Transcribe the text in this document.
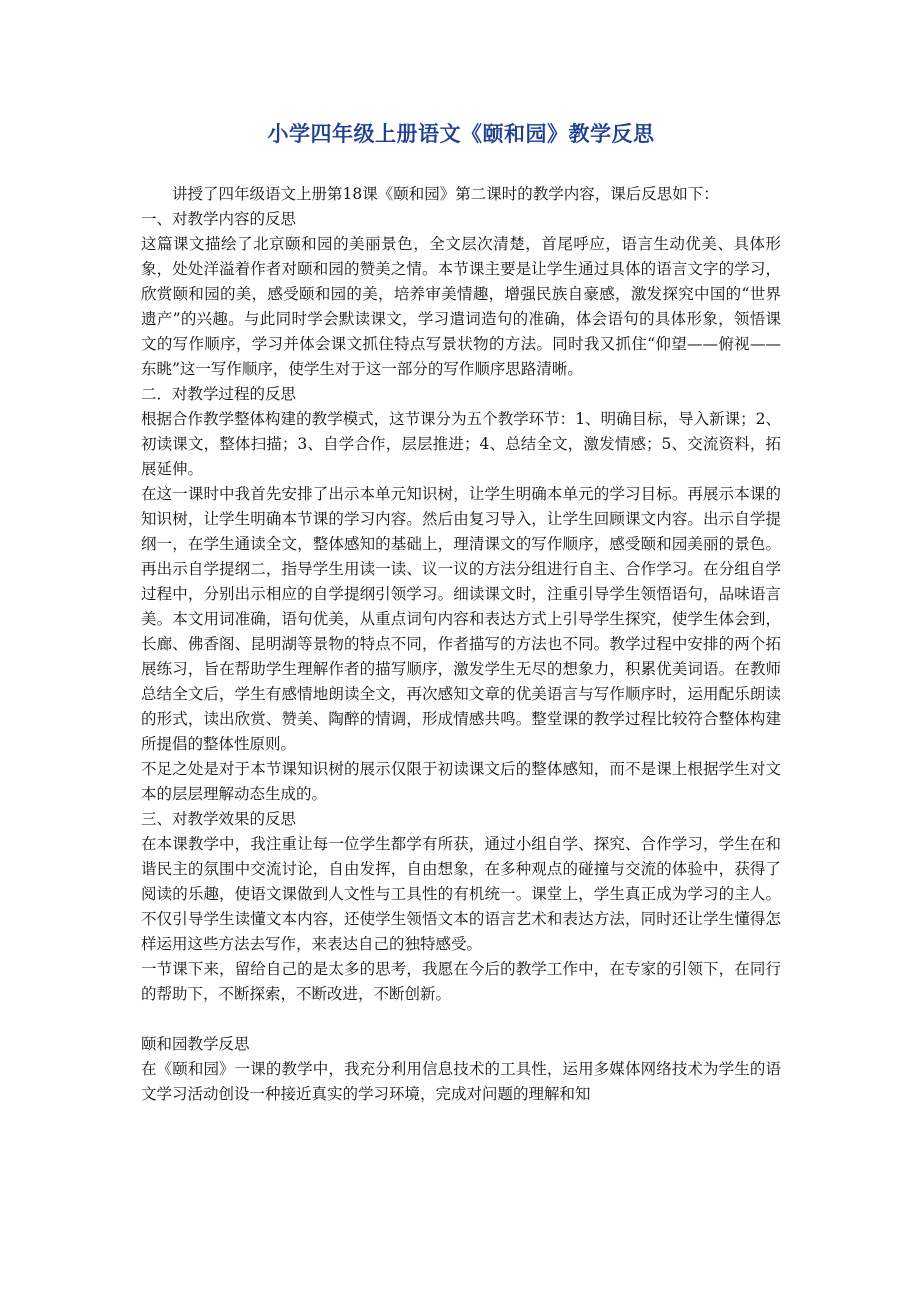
小学四年级上册语文《颐和园》教学反思

讲授了四年级语文上册第18课《颐和园》第二课时的教学内容，课后反思如下：

一、对教学内容的反思

这篇课文描绘了北京颐和园的美丽景色，全文层次清楚，首尾呼应，语言生动优美、具体形象，处处洋溢着作者对颐和园的赞美之情。本节课主要是让学生通过具体的语言文字的学习，欣赏颐和园的美，感受颐和园的美，培养审美情趣，增强民族自豪感，激发探究中国的“世界遗产”的兴趣。与此同时学会默读课文，学习遣词造句的准确，体会语句的具体形象，领悟课文的写作顺序，学习并体会课文抓住特点写景状物的方法。同时我又抓住“仰望——俯视——东眺”这一写作顺序，使学生对于这一部分的写作顺序思路清晰。

二．对教学过程的反思

根据合作教学整体构建的教学模式，这节课分为五个教学环节：1、明确目标，导入新课；2、初读课文，整体扫描；3、自学合作，层层推进；4、总结全文，激发情感；5、交流资料，拓展延伸。

在这一课时中我首先安排了出示本单元知识树，让学生明确本单元的学习目标。再展示本课的知识树，让学生明确本节课的学习内容。然后由复习导入，让学生回顾课文内容。出示自学提纲一，在学生通读全文，整体感知的基础上，理清课文的写作顺序，感受颐和园美丽的景色。再出示自学提纲二，指导学生用读一读、议一议的方法分组进行自主、合作学习。在分组自学过程中，分别出示相应的自学提纲引领学习。细读课文时，注重引导学生领悟语句，品味语言美。本文用词准确，语句优美，从重点词句内容和表达方式上引导学生探究，使学生体会到，长廊、佛香阁、昆明湖等景物的特点不同，作者描写的方法也不同。教学过程中安排的两个拓展练习，旨在帮助学生理解作者的描写顺序，激发学生无尽的想象力，积累优美词语。在教师总结全文后，学生有感情地朗读全文，再次感知文章的优美语言与写作顺序时，运用配乐朗读的形式，读出欣赏、赞美、陶醉的情调，形成情感共鸣。整堂课的教学过程比较符合整体构建所提倡的整体性原则。

不足之处是对于本节课知识树的展示仅限于初读课文后的整体感知，而不是课上根据学生对文本的层层理解动态生成的。

三、对教学效果的反思

在本课教学中，我注重让每一位学生都学有所获，通过小组自学、探究、合作学习，学生在和谐民主的氛围中交流讨论，自由发挥，自由想象，在多种观点的碰撞与交流的体验中，获得了阅读的乐趣，使语文课做到人文性与工具性的有机统一。课堂上，学生真正成为学习的主人。不仅引导学生读懂文本内容，还使学生领悟文本的语言艺术和表达方法，同时还让学生懂得怎样运用这些方法去写作，来表达自己的独特感受。

一节课下来，留给自己的是太多的思考，我愿在今后的教学工作中，在专家的引领下，在同行的帮助下，不断探索，不断改进，不断创新。

颐和园教学反思

在《颐和园》一课的教学中，我充分利用信息技术的工具性，运用多媒体网络技术为学生的语文学习活动创设一种接近真实的学习环境，完成对问题的理解和知
